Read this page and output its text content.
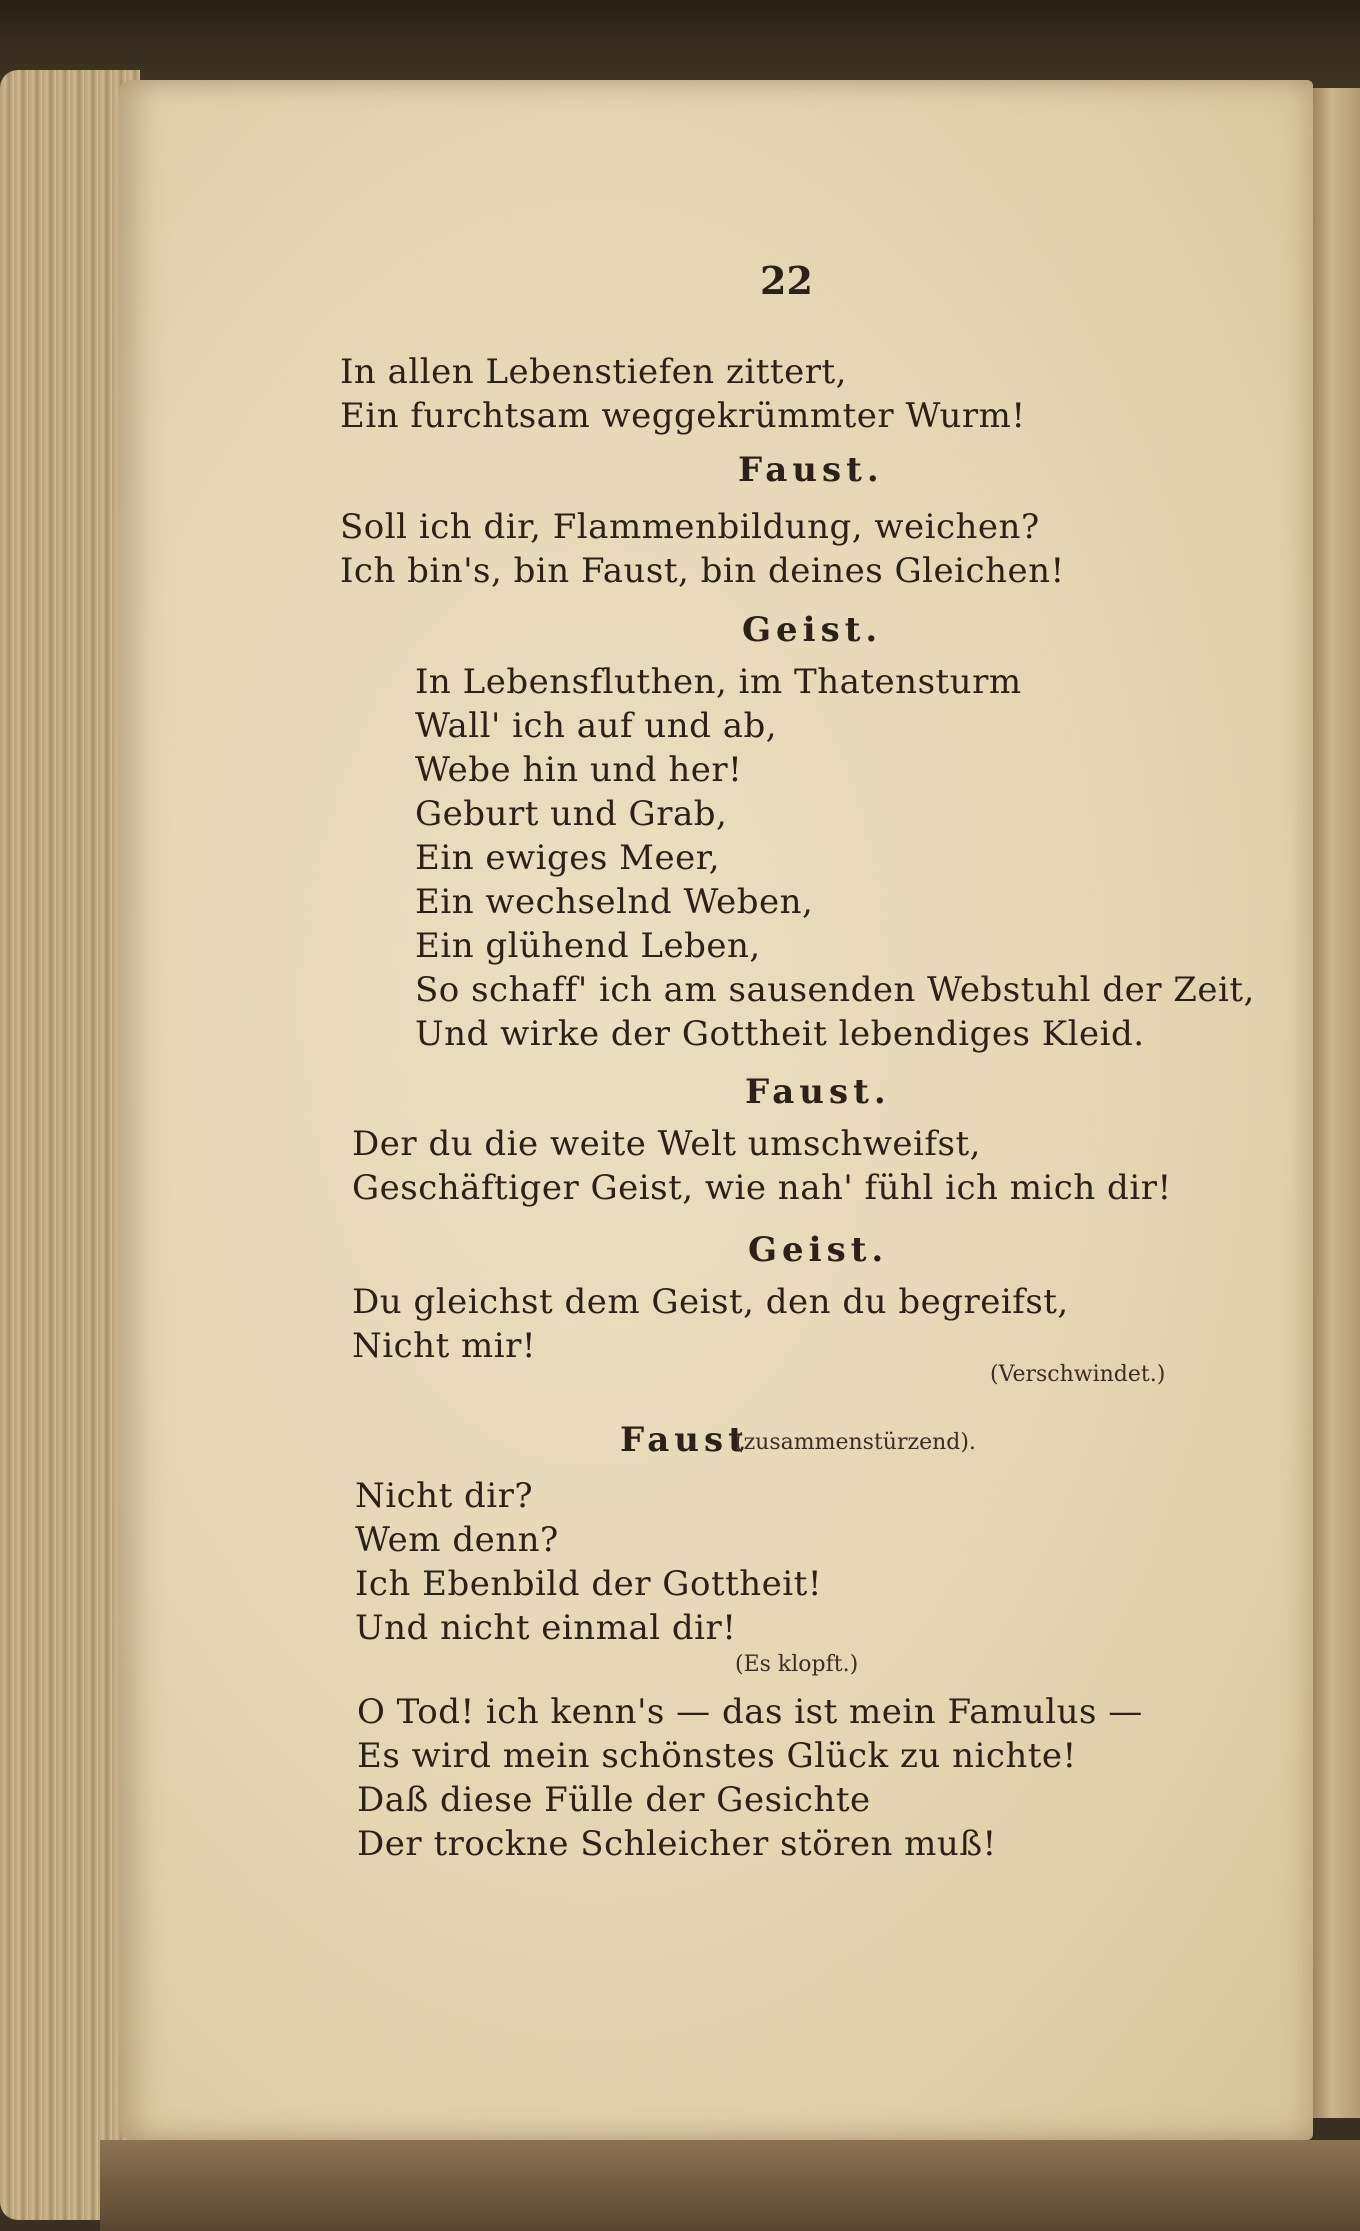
22
In allen Lebenstiefen zittert,
Ein furchtsam weggekrümmter Wurm!
Faust.
Soll ich dir, Flammenbildung, weichen?
Ich bin's, bin Faust, bin deines Gleichen!
Geist.
In Lebensfluthen, im Thatensturm
Wall' ich auf und ab,
Webe hin und her!
Geburt und Grab,
Ein ewiges Meer,
Ein wechselnd Weben,
Ein glühend Leben,
So schaff' ich am sausenden Webstuhl der Zeit,
Und wirke der Gottheit lebendiges Kleid.
Faust.
Der du die weite Welt umschweifst,
Geschäftiger Geist, wie nah' fühl ich mich dir!
Geist.
Du gleichst dem Geist, den du begreifst,
Nicht mir!
(Verschwindet.)
Faust
(zusammenstürzend).
Nicht dir?
Wem denn?
Ich Ebenbild der Gottheit!
Und nicht einmal dir!
(Es klopft.)
O Tod! ich kenn's — das ist mein Famulus —
Es wird mein schönstes Glück zu nichte!
Daß diese Fülle der Gesichte
Der trockne Schleicher stören muß!
